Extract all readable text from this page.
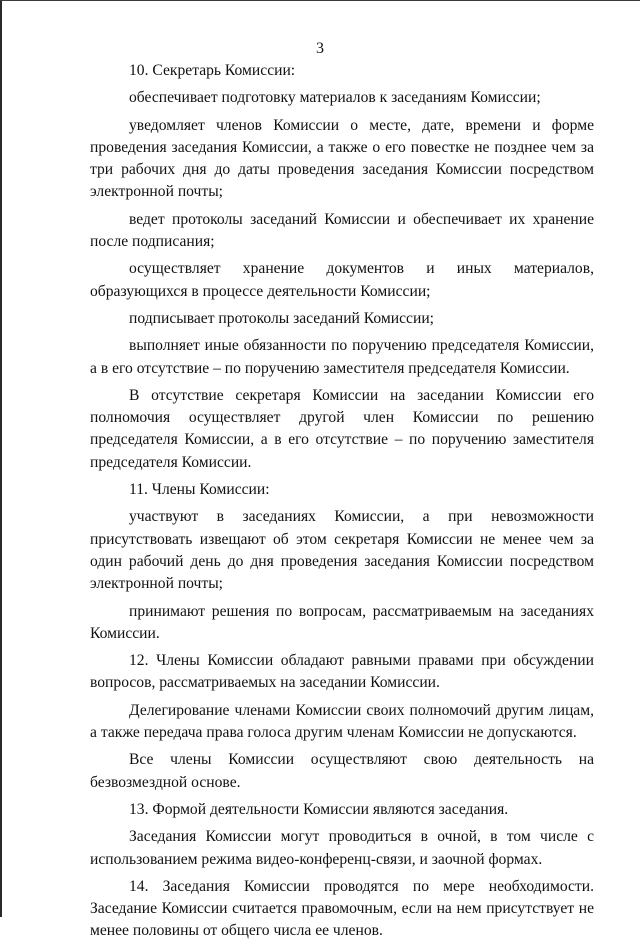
3

10. Секретарь Комиссии:

обеспечивает подготовку материалов к заседаниям Комиссии;

уведомляет членов Комиссии о месте, дате, времени и форме проведения заседания Комиссии, а также о его повестке не позднее чем за три рабочих дня до даты проведения заседания Комиссии посредством электронной почты;

ведет протоколы заседаний Комиссии и обеспечивает их хранение после подписания;

осуществляет хранение документов и иных материалов, образующихся в процессе деятельности Комиссии;

подписывает протоколы заседаний Комиссии;

выполняет иные обязанности по поручению председателя Комиссии, а в его отсутствие – по поручению заместителя председателя Комиссии.

В отсутствие секретаря Комиссии на заседании Комиссии его полномочия осуществляет другой член Комиссии по решению председателя Комиссии, а в его отсутствие – по поручению заместителя председателя Комиссии.

11. Члены Комиссии:

участвуют в заседаниях Комиссии, а при невозможности присутствовать извещают об этом секретаря Комиссии не менее чем за один рабочий день до дня проведения заседания Комиссии посредством электронной почты;

принимают решения по вопросам, рассматриваемым на заседаниях Комиссии.

12. Члены Комиссии обладают равными правами при обсуждении вопросов, рассматриваемых на заседании Комиссии.

Делегирование членами Комиссии своих полномочий другим лицам, а также передача права голоса другим членам Комиссии не допускаются.

Все члены Комиссии осуществляют свою деятельность на безвозмездной основе.

13. Формой деятельности Комиссии являются заседания.

Заседания Комиссии могут проводиться в очной, в том числе с использованием режима видео-конференц-связи, и заочной формах.

14. Заседания Комиссии проводятся по мере необходимости. Заседание Комиссии считается правомочным, если на нем присутствует не менее половины от общего числа ее членов.
